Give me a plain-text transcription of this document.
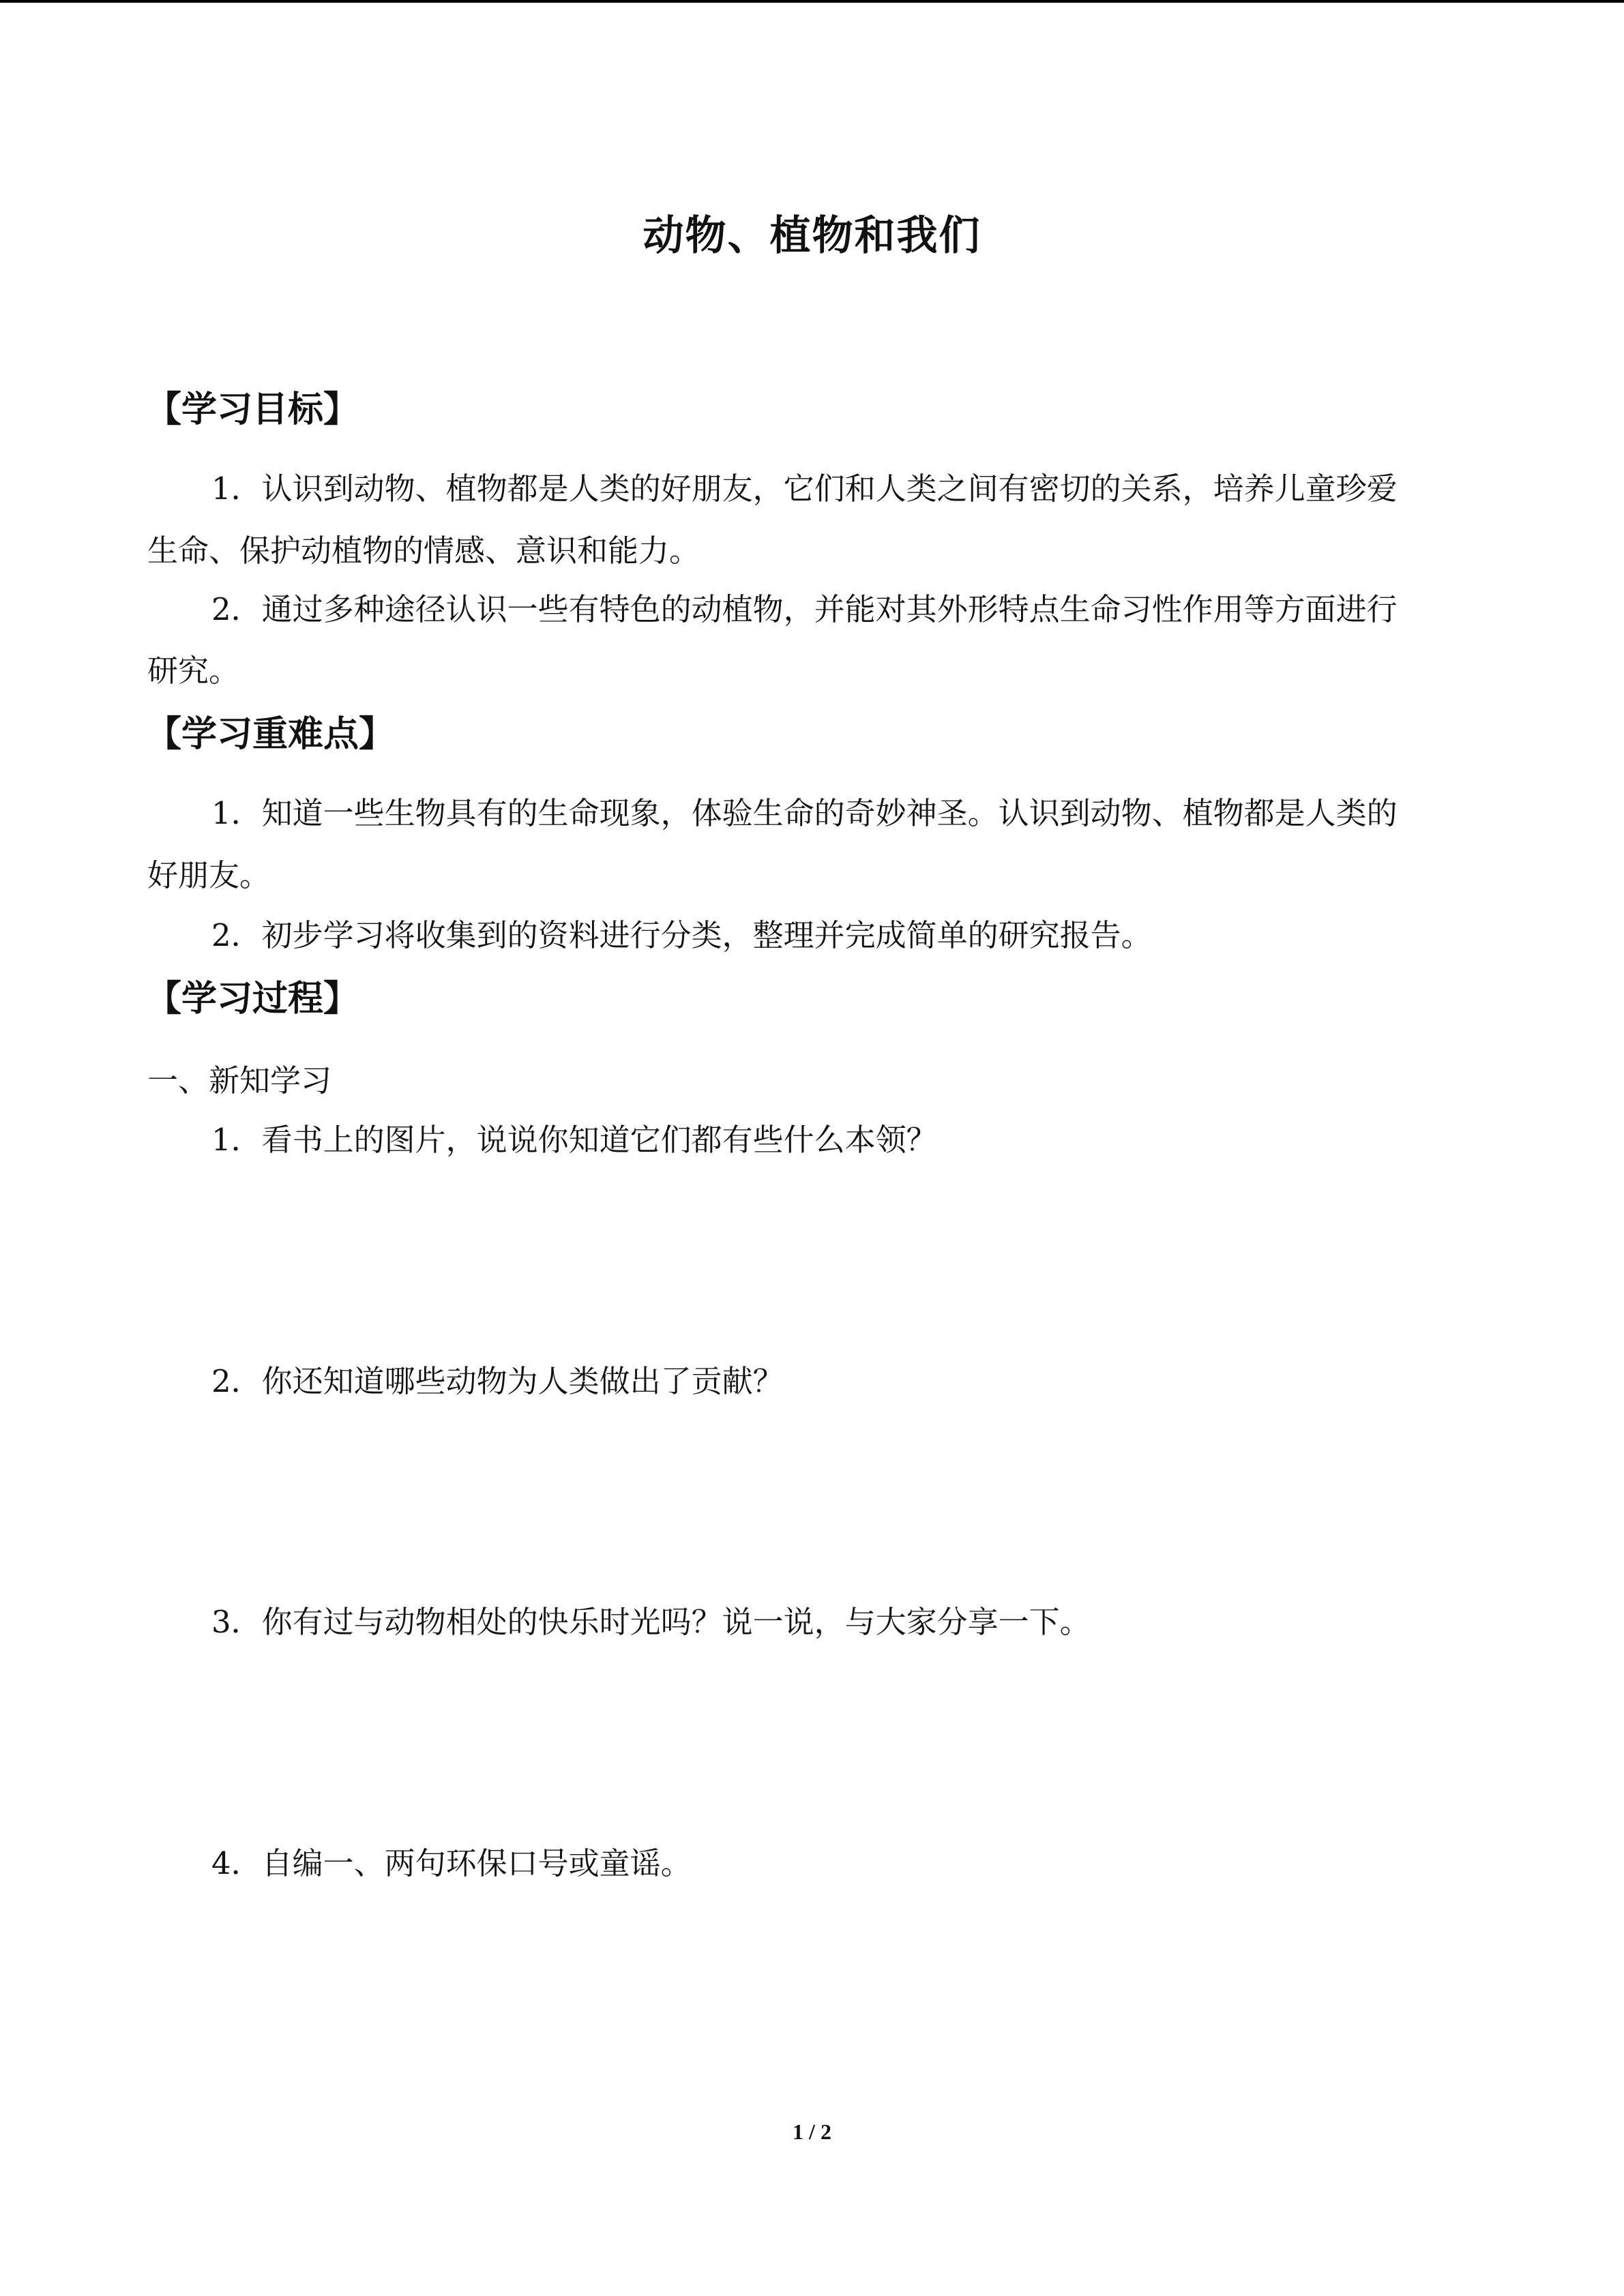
动物、植物和我们
【学习目标】
1．认识到动物、植物都是人类的好朋友，它们和人类之间有密切的关系，培养儿童珍爱
生命、保护动植物的情感、意识和能力。
2．通过多种途径认识一些有特色的动植物，并能对其外形特点生命习性作用等方面进行
研究。
【学习重难点】
1．知道一些生物具有的生命现象，体验生命的奇妙神圣。认识到动物、植物都是人类的
好朋友。
2．初步学习将收集到的资料进行分类，整理并完成简单的研究报告。
【学习过程】
一、新知学习
1．看书上的图片，说说你知道它们都有些什么本领？
2．你还知道哪些动物为人类做出了贡献？
3．你有过与动物相处的快乐时光吗？说一说，与大家分享一下。
4．自编一、两句环保口号或童谣。
1 / 2
